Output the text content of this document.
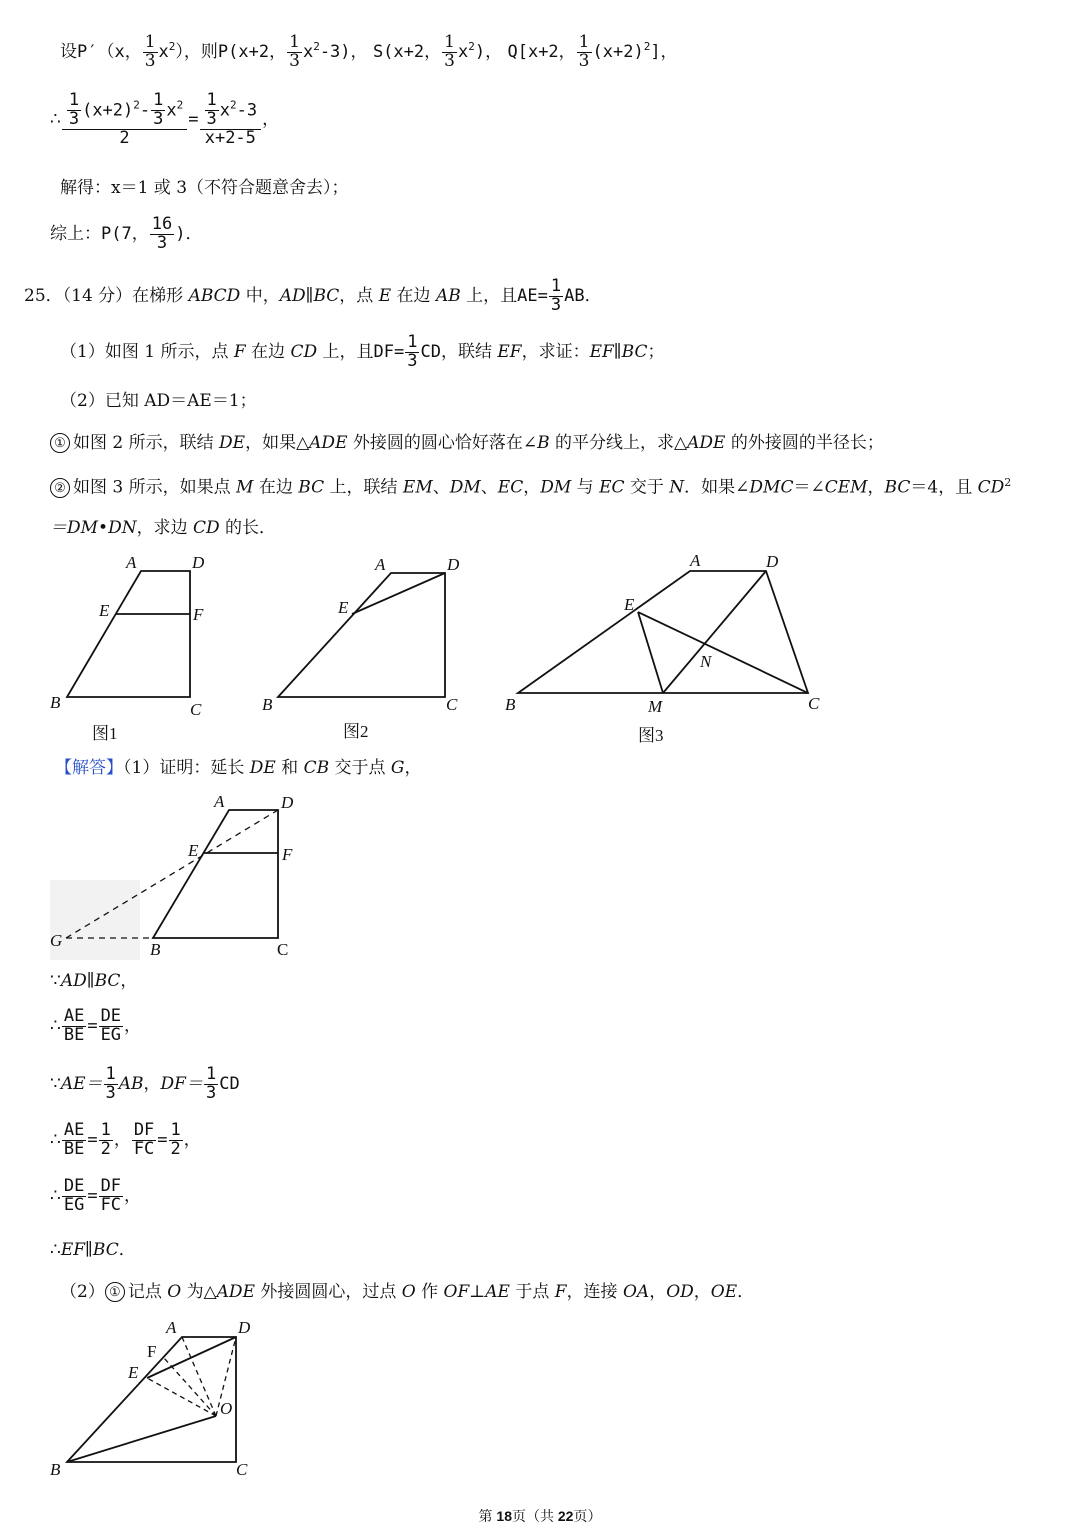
设P′（x， $\frac{1}{3} x^2$），则P(x+2， $\frac{1}{3} x^2-3$)， S(x+2， $\frac{1}{3} x^2$)， Q[x+2， $\frac{1}{3} (x+2)^2$]，
∴ $\frac{\frac{1}{3} (x+2)^2- \frac{1}{3} x^2}{2} = \frac{\frac{1}{3} x^2-3}{x+2-5}$ ，
解得：x＝1 或 3（不符合题意舍去）；
综上：P(7， $\frac{16}{3}$ )．
25．（14 分）在梯形 ABCD 中，AD∥BC，点 E 在边 AB 上，且$AE= \frac{1}{3}$ AB．
（1）如图 1 所示，点 F 在边 CD 上，且$DF= \frac{1}{3}$ CD，联结 EF，求证：EF∥BC；
（2）已知 AD＝AE＝1；
① 如图 2 所示，联结 DE，如果△ADE 外接圆的圆心恰好落在∠B 的平分线上，求△ADE 的外接圆的半径长；
② 如图 3 所示，如果点 M 在边 BC 上，联结 EM、DM、EC，DM 与 EC 交于 N．如果∠DMC＝∠CEM，BC＝4，且 $CD^2$
＝DM•DN，求边 CD 的长．
A	D
E	F
B	C
图1
A	D
E
B	C
图2
A	D
E
N
B	M	C
图3
【解答】（1）证明：延长 DE 和 CB 交于点 G，
A	D
E	F
G	B	C
∵AD∥BC，
∴ $\frac{AE}{BE} = \frac{DE}{EG}$ ，
∵AE＝ $\frac{1}{3}$ AB，$DF= \frac{1}{3}$ CD
∴ $\frac{AE}{BE} = \frac{1}{2}$ ， $\frac{DF}{FC} = \frac{1}{2}$ ，
∴ $\frac{DE}{EG} = \frac{DF}{FC}$ ，
∴EF∥BC．
（2） ① 记点 O 为△ADE 外接圆圆心，过点 O 作 OF⊥AE 于点 F，连接 OA，OD，OE．
A	D
F
E
O
B	C
第 18页（共 22页）
